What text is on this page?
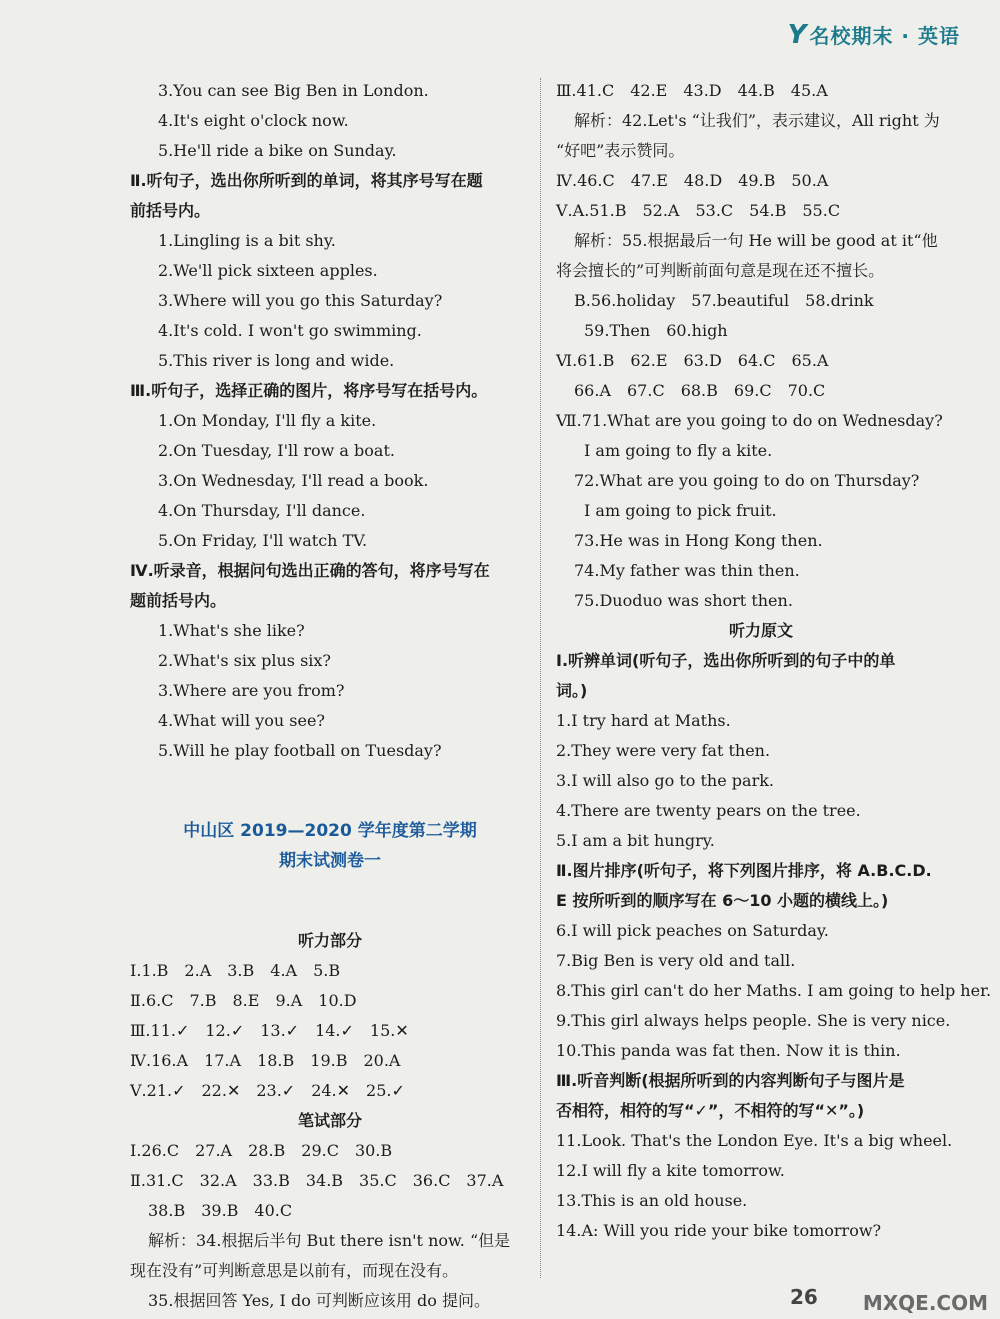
Y 名校期末 · 英语

3.You can see Big Ben in London.

4.It's eight o'clock now.

5.He'll ride a bike on Sunday.

Ⅱ.听句子，选出你所听到的单词，将其序号写在题

前括号内。

1.Lingling is a bit shy.

2.We'll pick sixteen apples.

3.Where will you go this Saturday?

4.It's cold. I won't go swimming.

5.This river is long and wide.

Ⅲ.听句子，选择正确的图片，将序号写在括号内。

1.On Monday, I'll fly a kite.

2.On Tuesday, I'll row a boat.

3.On Wednesday, I'll read a book.

4.On Thursday, I'll dance.

5.On Friday, I'll watch TV.

Ⅳ.听录音，根据问句选出正确的答句，将序号写在

题前括号内。

1.What's she like?

2.What's six plus six?

3.Where are you from?

4.What will you see?

5.Will he play football on Tuesday?

中山区 2019—2020 学年度第二学期

期末试测卷一

听力部分

Ⅰ.1.B　2.A　3.B　4.A　5.B

Ⅱ.6.C　7.B　8.E　9.A　10.D

Ⅲ.11.✓　12.✓　13.✓　14.✓　15.✕

Ⅳ.16.A　17.A　18.B　19.B　20.A

Ⅴ.21.✓　22.✕　23.✓　24.✕　25.✓

笔试部分

Ⅰ.26.C　27.A　28.B　29.C　30.B

Ⅱ.31.C　32.A　33.B　34.B　35.C　36.C　37.A

38.B　39.B　40.C

解析：34.根据后半句 But there isn't now. “但是

现在没有”可判断意思是以前有，而现在没有。

35.根据回答 Yes, I do 可判断应该用 do 提问。

Ⅲ.41.C　42.E　43.D　44.B　45.A

解析：42.Let's “让我们”，表示建议，All right 为

“好吧”表示赞同。

Ⅳ.46.C　47.E　48.D　49.B　50.A

Ⅴ.A.51.B　52.A　53.C　54.B　55.C

解析：55.根据最后一句 He will be good at it“他

将会擅长的”可判断前面句意是现在还不擅长。

B.56.holiday　57.beautiful　58.drink

59.Then　60.high

Ⅵ.61.B　62.E　63.D　64.C　65.A

66.A　67.C　68.B　69.C　70.C

Ⅶ.71.What are you going to do on Wednesday?

I am going to fly a kite.

72.What are you going to do on Thursday?

I am going to pick fruit.

73.He was in Hong Kong then.

74.My father was thin then.

75.Duoduo was short then.

听力原文

Ⅰ.听辨单词(听句子，选出你所听到的句子中的单

词。)

1.I try hard at Maths.

2.They were very fat then.

3.I will also go to the park.

4.There are twenty pears on the tree.

5.I am a bit hungry.

Ⅱ.图片排序(听句子，将下列图片排序，将 A.B.C.D.

E 按所听到的顺序写在 6～10 小题的横线上。)

6.I will pick peaches on Saturday.

7.Big Ben is very old and tall.

8.This girl can't do her Maths. I am going to help her.

9.This girl always helps people. She is very nice.

10.This panda was fat then. Now it is thin.

Ⅲ.听音判断(根据所听到的内容判断句子与图片是

否相符，相符的写“✓”，不相符的写“✕”。)

11.Look. That's the London Eye. It's a big wheel.

12.I will fly a kite tomorrow.

13.This is an old house.

14.A: Will you ride your bike tomorrow?

26 MXQE.COM
